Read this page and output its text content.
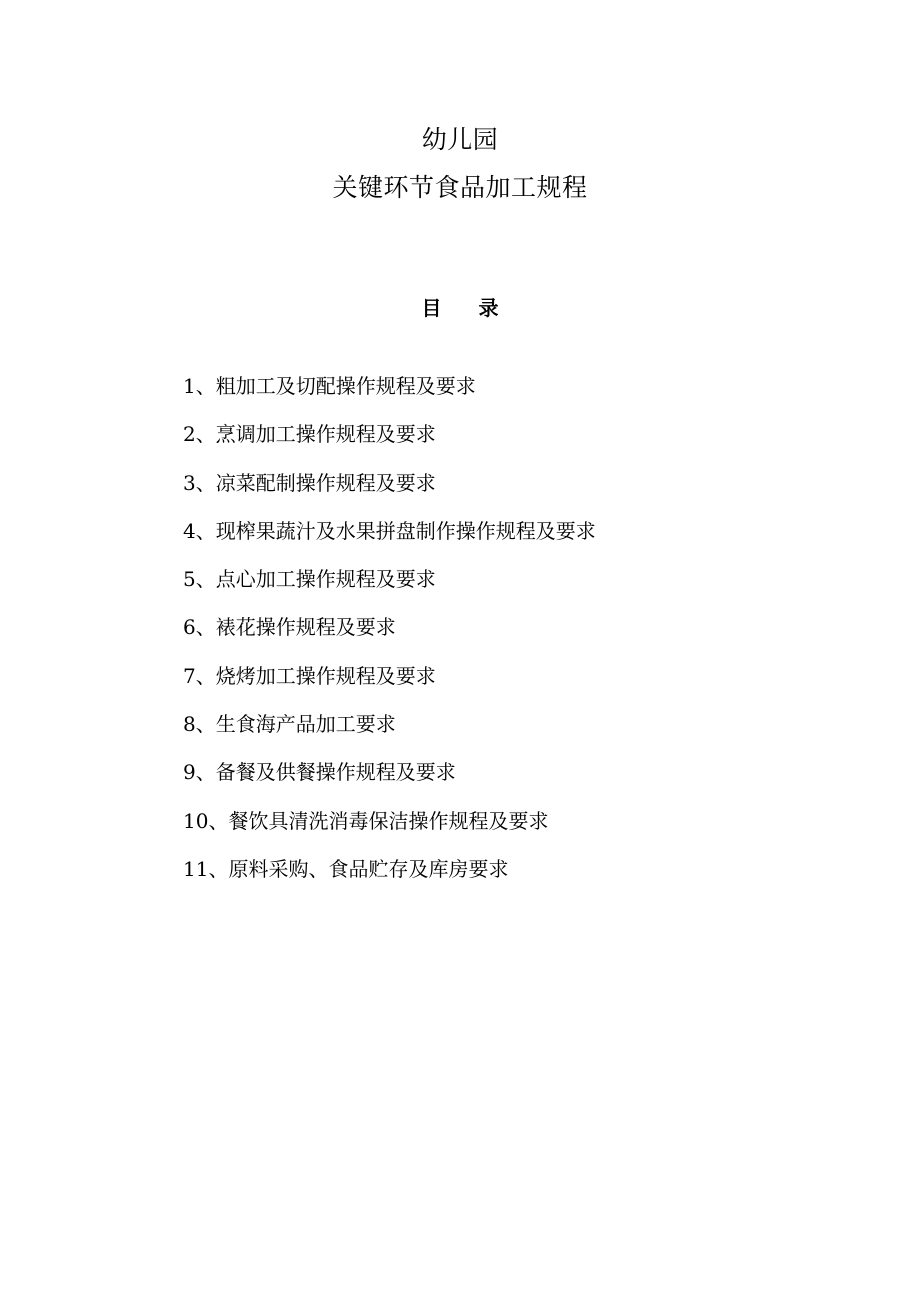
幼儿园
关键环节食品加工规程
目 录
1、粗加工及切配操作规程及要求
2、烹调加工操作规程及要求
3、凉菜配制操作规程及要求
4、现榨果蔬汁及水果拼盘制作操作规程及要求
5、点心加工操作规程及要求
6、裱花操作规程及要求
7、烧烤加工操作规程及要求
8、生食海产品加工要求
9、备餐及供餐操作规程及要求
10、餐饮具清洗消毒保洁操作规程及要求
11、原料采购、食品贮存及库房要求
